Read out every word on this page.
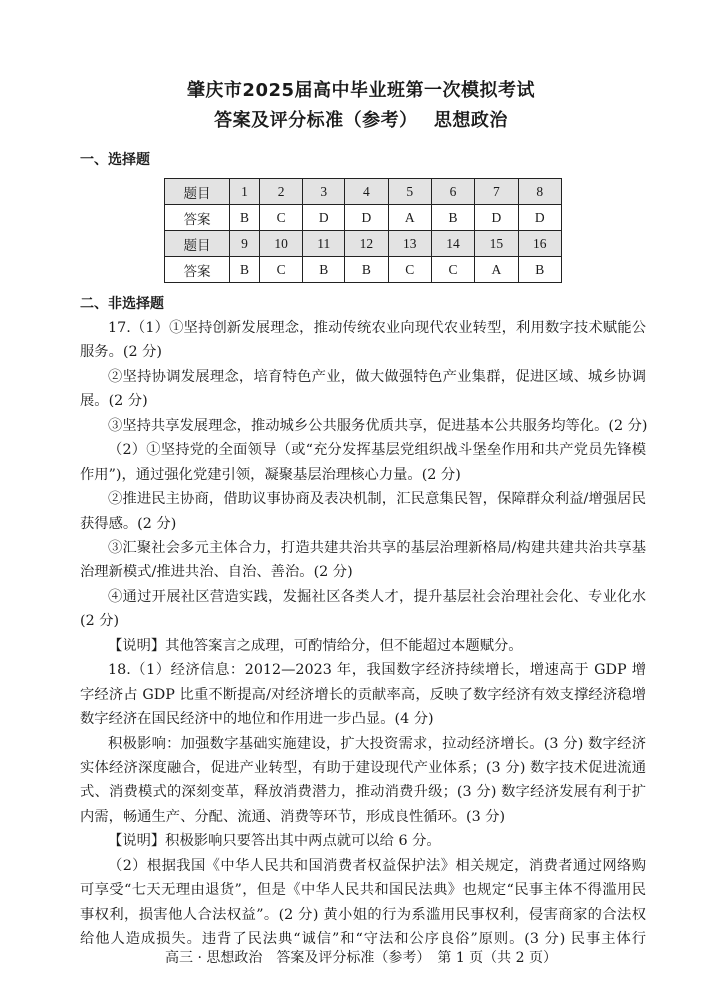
肇庆市2025届高中毕业班第一次模拟考试
答案及评分标准（参考）　 思想政治
一、选择题
题目	1	2	3	4	5	6	7	8
答案	B	C	D	D	A	B	D	D
题目	9	10	11	12	13	14	15	16
答案	B	C	B	B	C	C	A	B
二、非选择题
17.（1）①坚持创新发展理念，推动传统农业向现代农业转型，利用数字技术赋能公
服务。(2 分)
②坚持协调发展理念，培育特色产业，做大做强特色产业集群，促进区域、城乡协调
展。(2 分)
③坚持共享发展理念，推动城乡公共服务优质共享，促进基本公共服务均等化。(2 分)
（2）①坚持党的全面领导（或“充分发挥基层党组织战斗堡垒作用和共产党员先锋模
作用”)，通过强化党建引领，凝聚基层治理核心力量。(2 分)
②推进民主协商，借助议事协商及表决机制，汇民意集民智，保障群众利益/增强居民
获得感。(2 分)
③汇聚社会多元主体合力，打造共建共治共享的基层治理新格局/构建共建共治共享基
治理新模式/推进共治、自治、善治。(2 分)
④通过开展社区营造实践，发掘社区各类人才，提升基层社会治理社会化、专业化水
(2 分)
【说明】其他答案言之成理，可酌情给分，但不能超过本题赋分。
18.（1）经济信息：2012—2023 年，我国数字经济持续增长，增速高于 GDP 增
字经济占 GDP 比重不断提高/对经济增长的贡献率高，反映了数字经济有效支撑经济稳增
数字经济在国民经济中的地位和作用进一步凸显。(4 分)
积极影响：加强数字基础实施建设，扩大投资需求，拉动经济增长。(3 分) 数字经济
实体经济深度融合，促进产业转型，有助于建设现代产业体系；(3 分) 数字技术促进流通
式、消费模式的深刻变革，释放消费潜力，推动消费升级；(3 分) 数字经济发展有利于扩
内需，畅通生产、分配、流通、消费等环节，形成良性循环。(3 分)
【说明】积极影响只要答出其中两点就可以给 6 分。
（2）根据我国《中华人民共和国消费者权益保护法》相关规定，消费者通过网络购
可享受“七天无理由退货”，但是《中华人民共和国民法典》也规定“民事主体不得滥用民
事权利，损害他人合法权益”。(2 分) 黄小姐的行为系滥用民事权利，侵害商家的合法权
给他人造成损失。违背了民法典“诚信”和“守法和公序良俗”原则。(3 分) 民事主体行
高三 · 思想政治　答案及评分标准（参考）　第 1 页（共 2 页）
